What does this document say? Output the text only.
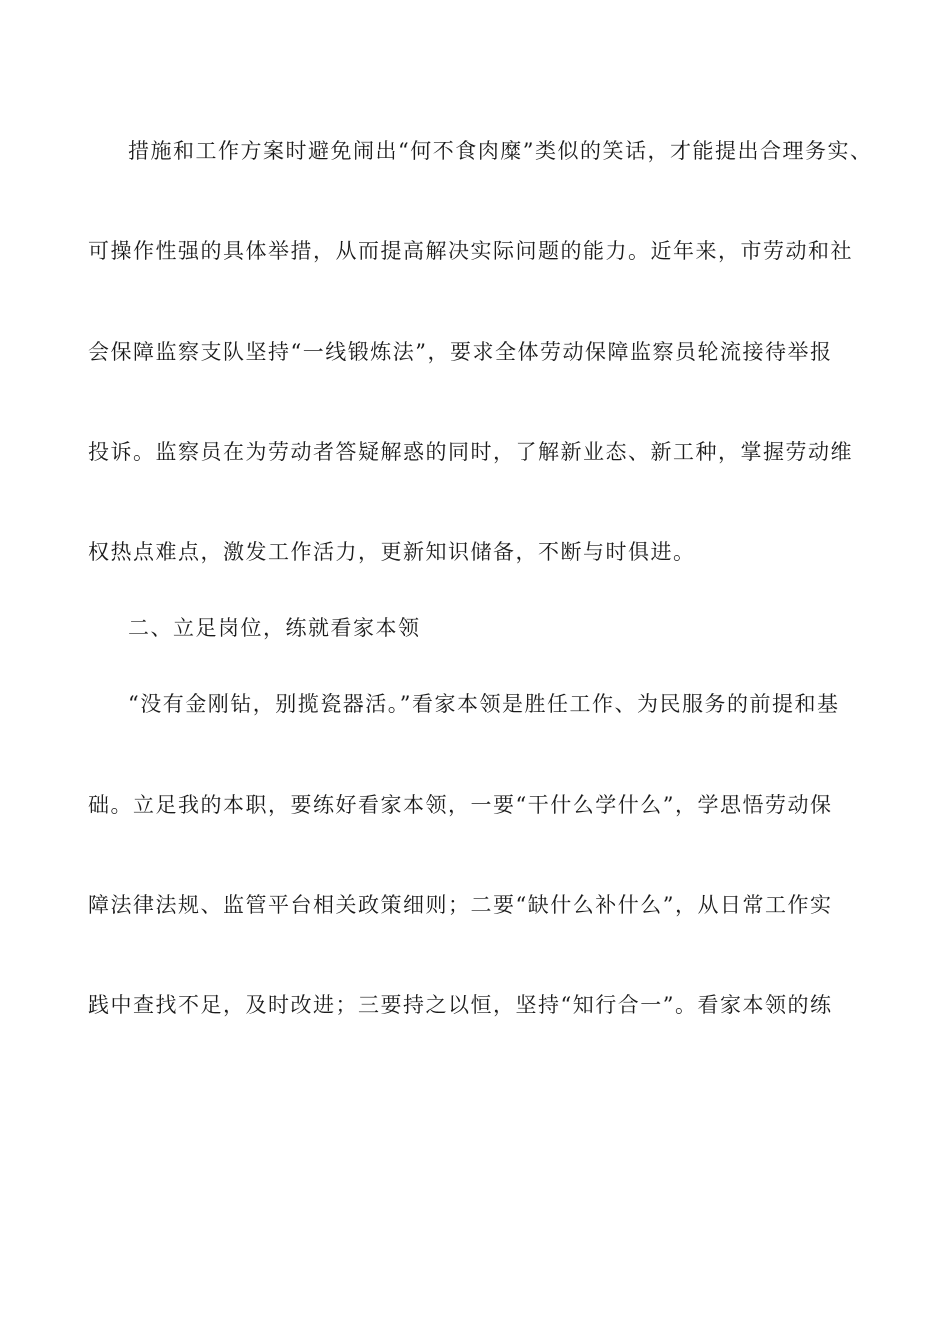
措施和工作方案时避免闹出“何不食肉糜”类似的笑话，才能提出合理务实、
可操作性强的具体举措，从而提高解决实际问题的能力。近年来，市劳动和社
会保障监察支队坚持“一线锻炼法”，要求全体劳动保障监察员轮流接待举报
投诉。监察员在为劳动者答疑解惑的同时，了解新业态、新工种，掌握劳动维
权热点难点，激发工作活力，更新知识储备，不断与时俱进。
二、立足岗位，练就看家本领
“没有金刚钻，别揽瓷器活。”看家本领是胜任工作、为民服务的前提和基
础。立足我的本职，要练好看家本领，一要“干什么学什么”，学思悟劳动保
障法律法规、监管平台相关政策细则；二要“缺什么补什么”，从日常工作实
践中查找不足，及时改进；三要持之以恒，坚持“知行合一”。看家本领的练
